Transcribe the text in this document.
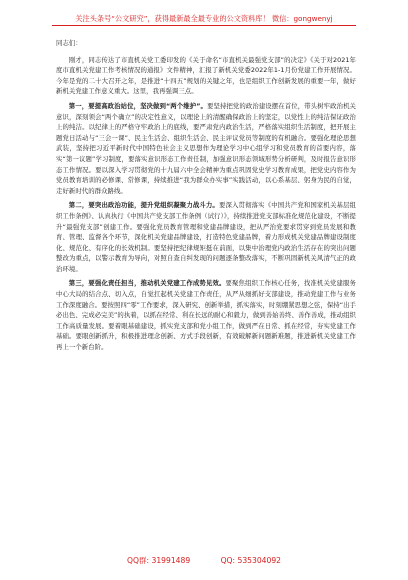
关注头条号“公文研究”，获得最新最全最专业的公文资料库！ 微信：gongwenyj

同志们：

刚才，同志传达了市直机关党工委印发的《关于命名“市直机关最强党支部”的决定》《关于对2021年度市直机关党建工作考核情况的通报》文件精神，汇报了新机关党委2022年1-1月份党建工作开展情况。今年是党的二十大召开之年，是推进“十四五”规划的关键之年，也是组织工作创新发展的重要一年，做好新机关党建工作意义重大。这里，我再强调三点。

第一，要提高政治站位，坚决做到“两个维护”。要坚持把党的政治建设摆在首位，带头树牢政治机关意识，深刻领会“两个确立”的决定性意义，以理论上的清醒确保政治上的坚定，以党性上的纯洁保证政治上的纯洁。以纪律上的严格守牢政治上的底线，要严肃党内政治生活，严格落实组织生活制度，把开展主题党日活动与“三会一课”、民主生活会、组织生活会、民主评议党员等制度的有机融合。要强化理论思想武装，坚持把习近平新时代中国特色社会主义思想作为理论学习中心组学习和党员教育的首要内容，落实“第一议题”学习制度，要落实意识形态工作责任制，加强意识形态领域形势分析研判，及时报告意识形态工作情况。要以深入学习贯彻党的十九届六中全会精神为重点巩固党史学习教育成果，把党史内容作为党员教育培训的必修课、常修课，持续推进“我为群众办实事”实践活动，以心系基层、躬身为民的自觉，走好新时代的群众路线。

第二，要突出政治功能，提升党组织凝聚力战斗力。要深入贯彻落实《中国共产党和国家机关基层组织工作条例》、认真执行《中国共产党支部工作条例（试行）》，持续推进党支部标准化规范化建设，不断提升“最强党支部”创建工作。要强化党员教育管理和党建品牌建设，把从严治党要求贯穿到党员发展和教育、管理、监督各个环节，深化机关党建品牌建设，打造特色党建品牌，着力形成机关党建品牌建设制度化、规范化、有序化的长效机制。要坚持把纪律规矩挺在前面，以集中治理党内政治生活存在的突出问题整改为重点，以警示教育为导向，对照自查自纠发现的问题逐条整改落实，不断巩固新机关风清气正的政治环境。

第三，要强化责任担当，推动机关党建工作成势见效。要聚焦组织工作核心任务，找准机关党建服务中心大局的结合点、切入点，自觉扛起机关党建工作责任，从严从细抓好支部建设，推动党建工作与业务工作深度融合。要按照四“零”工作要求，深入研究、创新举措，抓实落实，时刻绷紧思想之弦，保持“出手必出色、完成必完美”的执着，以抓在经常、利在长远的耐心和毅力，做到善始善终、善作善成，推动组织工作高质量发展。要着眼基础建设，抓实党支部和党小组工作，做到严在日常、抓在经常，夯实党建工作基础。要眼创新抓升，积极推进理念创新、方式手段创新，有效破解新问题新难题，推进新机关党建工作再上一个新台阶。

QQ群: 31991489	QQ: 535304092
